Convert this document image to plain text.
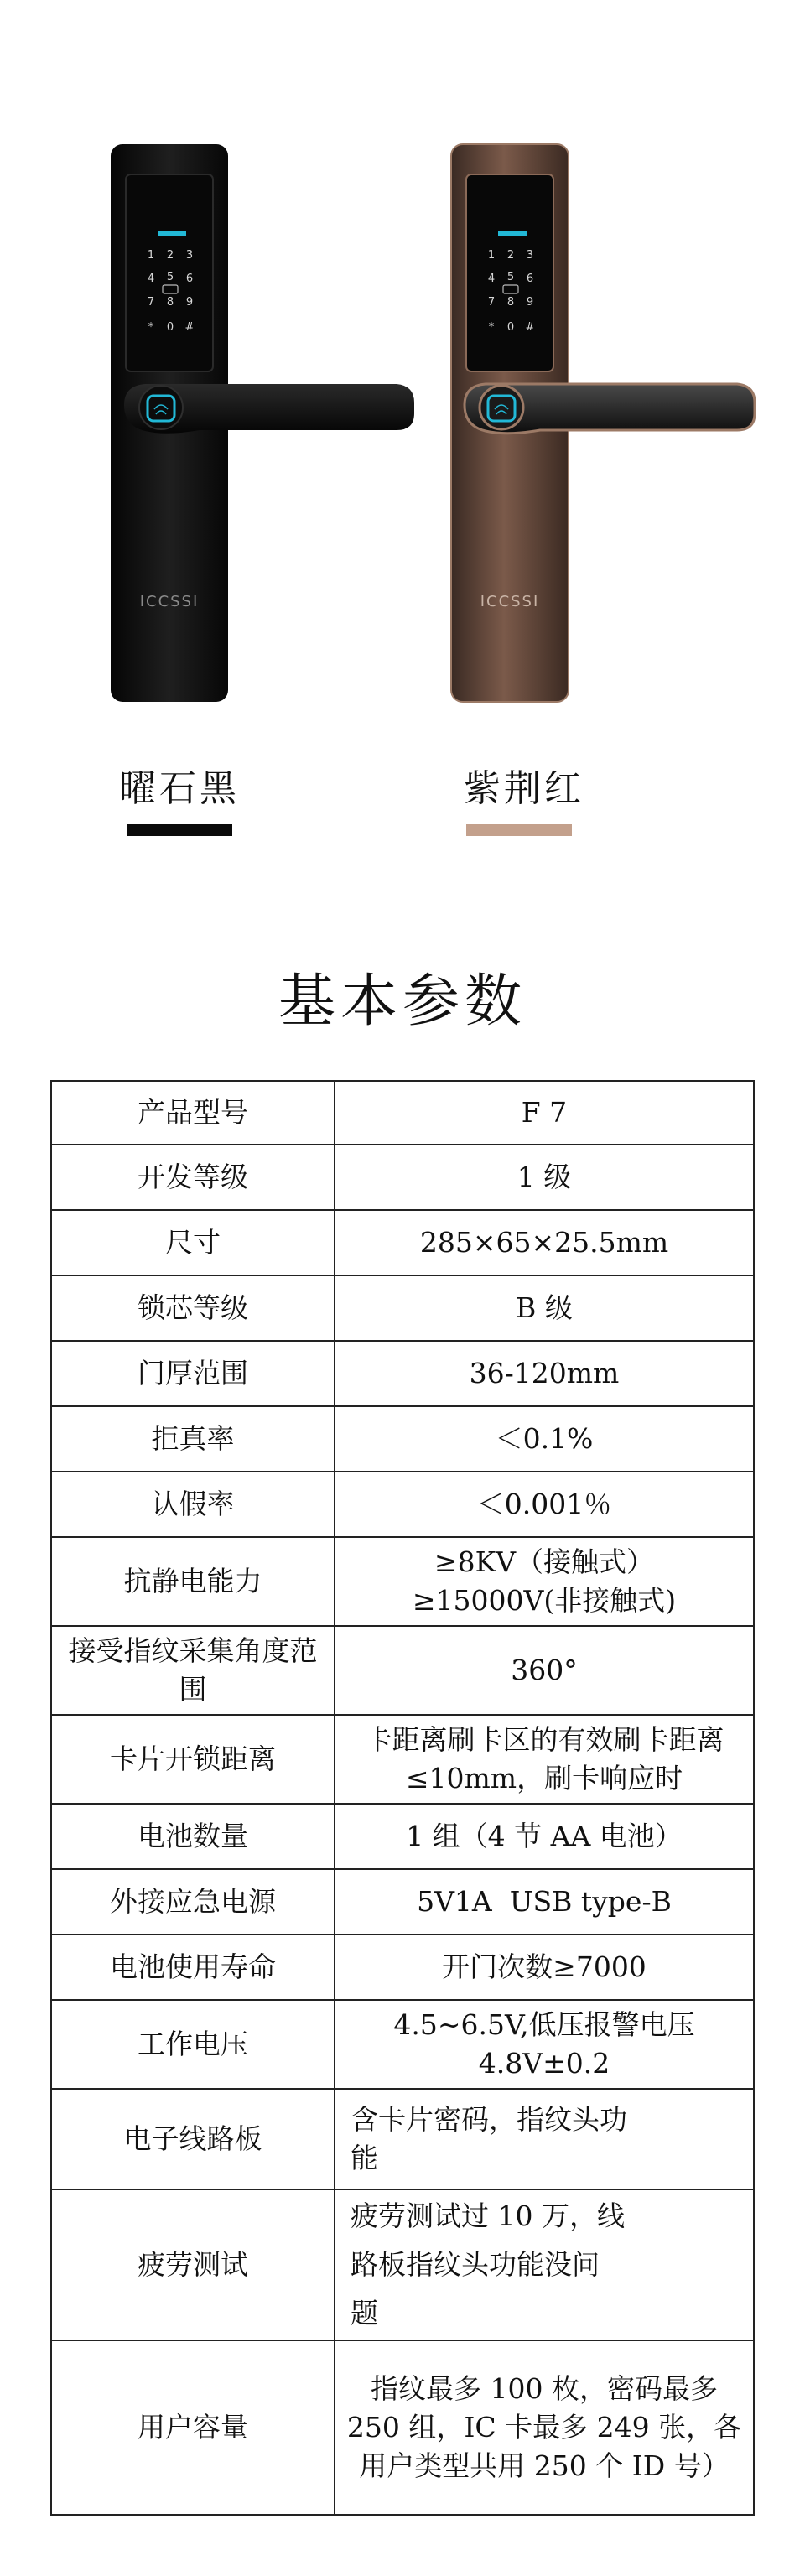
1 2 3
4 5 6
7 8 9
* 0 #
ICCSSI
1 2 3
4 5 6
7 8 9
* 0 #
ICCSSI
曜石黑	紫荆红
基本参数
产品型号	F 7
开发等级	1 级
尺寸	285×65×25.5mm
锁芯等级	B 级
门厚范围	36-120mm
拒真率	＜0.1%
认假率	＜0.001％
抗静电能力	≥8KV（接触式）
≥15000V(非接触式)
接受指纹采集角度范围	360°
卡片开锁距离	卡距离刷卡区的有效刷卡距离≤10mm，刷卡响应时
电池数量	1 组（4 节 AA 电池）
外接应急电源	5V1A  USB type-B
电池使用寿命	开门次数≥7000
工作电压	4.5~6.5V,低压报警电压 4.8V±0.2
电子线路板	含卡片密码，指纹头功
能
疲劳测试	疲劳测试过 10 万，线
路板指纹头功能没问
题
用户容量	指纹最多 100 枚，密码最多 250 组，IC 卡最多 249 张，各用户类型共用 250 个 ID 号）
